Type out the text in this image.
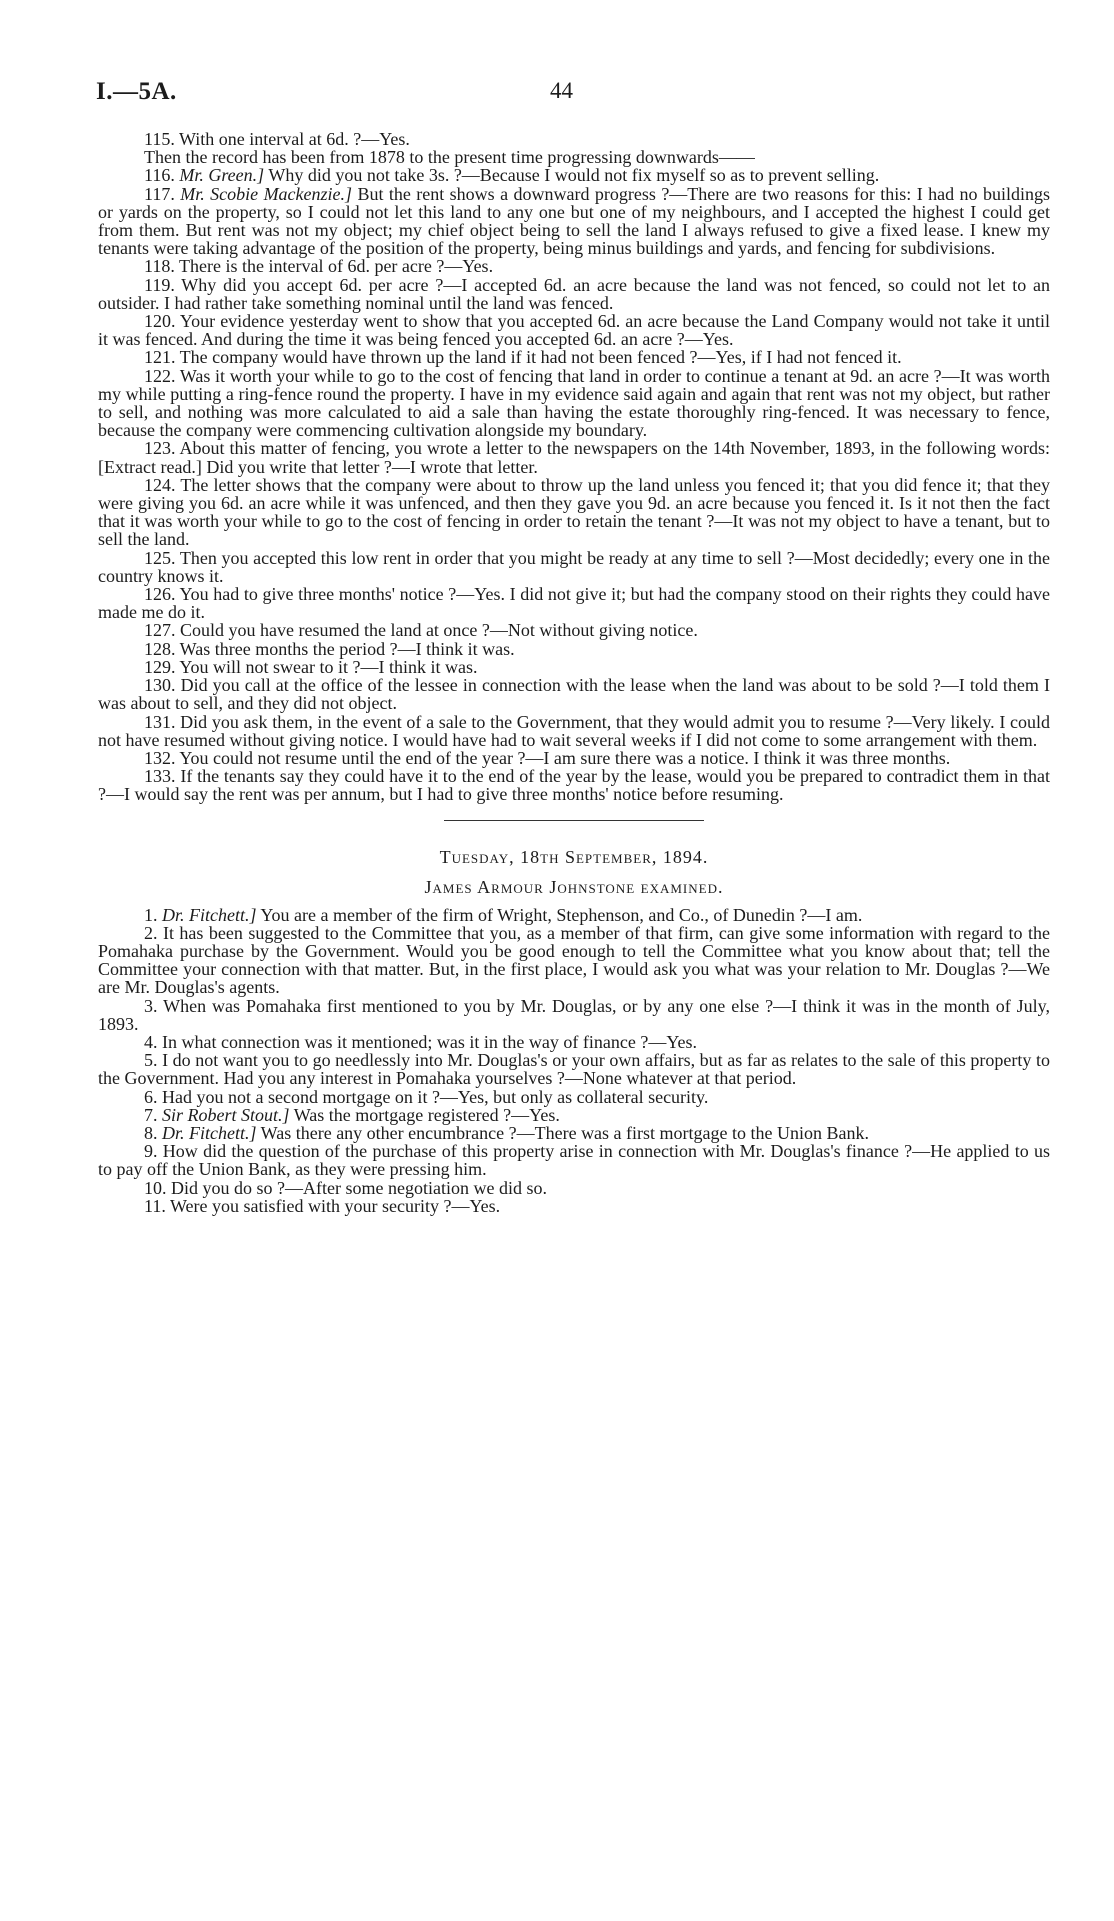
I.—5A.	44

115. With one interval at 6d. ?—Yes.

Then the record has been from 1878 to the present time progressing downwards——

116. Mr. Green.] Why did you not take 3s. ?—Because I would not fix myself so as to prevent selling.

117. Mr. Scobie Mackenzie.] But the rent shows a downward progress ?—There are two reasons for this: I had no buildings or yards on the property, so I could not let this land to any one but one of my neighbours, and I accepted the highest I could get from them. But rent was not my object; my chief object being to sell the land I always refused to give a fixed lease. I knew my tenants were taking advantage of the position of the property, being minus buildings and yards, and fencing for subdivisions.

118. There is the interval of 6d. per acre ?—Yes.

119. Why did you accept 6d. per acre ?—I accepted 6d. an acre because the land was not fenced, so could not let to an outsider. I had rather take something nominal until the land was fenced.

120. Your evidence yesterday went to show that you accepted 6d. an acre because the Land Company would not take it until it was fenced. And during the time it was being fenced you accepted 6d. an acre ?—Yes.

121. The company would have thrown up the land if it had not been fenced ?—Yes, if I had not fenced it.

122. Was it worth your while to go to the cost of fencing that land in order to continue a tenant at 9d. an acre ?—It was worth my while putting a ring-fence round the property. I have in my evidence said again and again that rent was not my object, but rather to sell, and nothing was more calculated to aid a sale than having the estate thoroughly ring-fenced. It was necessary to fence, because the company were commencing cultivation alongside my boundary.

123. About this matter of fencing, you wrote a letter to the newspapers on the 14th November, 1893, in the following words: [Extract read.] Did you write that letter ?—I wrote that letter.

124. The letter shows that the company were about to throw up the land unless you fenced it; that you did fence it; that they were giving you 6d. an acre while it was unfenced, and then they gave you 9d. an acre because you fenced it. Is it not then the fact that it was worth your while to go to the cost of fencing in order to retain the tenant ?—It was not my object to have a tenant, but to sell the land.

125. Then you accepted this low rent in order that you might be ready at any time to sell ?—Most decidedly; every one in the country knows it.

126. You had to give three months' notice ?—Yes. I did not give it; but had the company stood on their rights they could have made me do it.

127. Could you have resumed the land at once ?—Not without giving notice.

128. Was three months the period ?—I think it was.

129. You will not swear to it ?—I think it was.

130. Did you call at the office of the lessee in connection with the lease when the land was about to be sold ?—I told them I was about to sell, and they did not object.

131. Did you ask them, in the event of a sale to the Government, that they would admit you to resume ?—Very likely. I could not have resumed without giving notice. I would have had to wait several weeks if I did not come to some arrangement with them.

132. You could not resume until the end of the year ?—I am sure there was a notice. I think it was three months.

133. If the tenants say they could have it to the end of the year by the lease, would you be prepared to contradict them in that ?—I would say the rent was per annum, but I had to give three months' notice before resuming.

Tuesday, 18th September, 1894.

James Armour Johnstone examined.

1. Dr. Fitchett.] You are a member of the firm of Wright, Stephenson, and Co., of Dunedin ?—I am.

2. It has been suggested to the Committee that you, as a member of that firm, can give some information with regard to the Pomahaka purchase by the Government. Would you be good enough to tell the Committee what you know about that; tell the Committee your connection with that matter. But, in the first place, I would ask you what was your relation to Mr. Douglas ?—We are Mr. Douglas's agents.

3. When was Pomahaka first mentioned to you by Mr. Douglas, or by any one else ?—I think it was in the month of July, 1893.

4. In what connection was it mentioned; was it in the way of finance ?—Yes.

5. I do not want you to go needlessly into Mr. Douglas's or your own affairs, but as far as relates to the sale of this property to the Government. Had you any interest in Pomahaka yourselves ?—None whatever at that period.

6. Had you not a second mortgage on it ?—Yes, but only as collateral security.

7. Sir Robert Stout.] Was the mortgage registered ?—Yes.

8. Dr. Fitchett.] Was there any other encumbrance ?—There was a first mortgage to the Union Bank.

9. How did the question of the purchase of this property arise in connection with Mr. Douglas's finance ?—He applied to us to pay off the Union Bank, as they were pressing him.

10. Did you do so ?—After some negotiation we did so.

11. Were you satisfied with your security ?—Yes.
